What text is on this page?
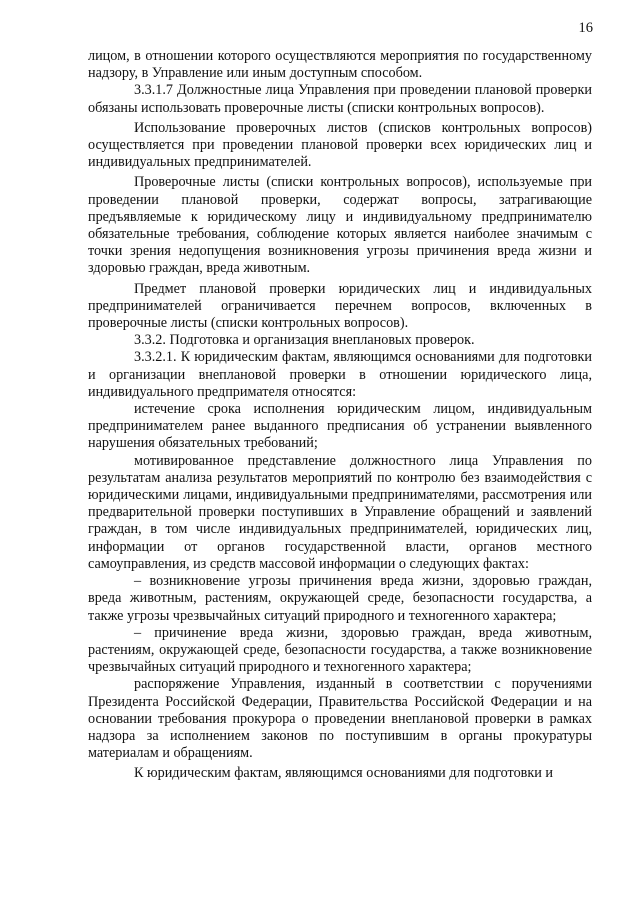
16

лицом, в отношении которого осуществляются мероприятия по государственному надзору, в Управление или иным доступным способом.

3.3.1.7 Должностные лица Управления при проведении плановой проверки обязаны использовать проверочные листы (списки контрольных вопросов).

Использование проверочных листов (списков контрольных вопросов) осуществляется при проведении плановой проверки всех юридических лиц и индивидуальных предпринимателей.

Проверочные листы (списки контрольных вопросов), используемые при проведении плановой проверки, содержат вопросы, затрагивающие предъявляемые к юридическому лицу и индивидуальному предпринимателю обязательные требования, соблюдение которых является наиболее значимым с точки зрения недопущения возникновения угрозы причинения вреда жизни и здоровью граждан, вреда животным.

Предмет плановой проверки юридических лиц и индивидуальных предпринимателей ограничивается перечнем вопросов, включенных в проверочные листы (списки контрольных вопросов).

3.3.2. Подготовка и организация внеплановых проверок.

3.3.2.1. К юридическим фактам, являющимся основаниями для подготовки и организации внеплановой проверки в отношении юридического лица, индивидуального предпримателя относятся:

истечение срока исполнения юридическим лицом, индивидуальным предпринимателем ранее выданного предписания об устранении выявленного нарушения обязательных требований;

мотивированное представление должностного лица Управления по результатам анализа результатов мероприятий по контролю без взаимодействия с юридическими лицами, индивидуальными предпринимателями, рассмотрения или предварительной проверки поступивших в Управление обращений и заявлений граждан, в том числе индивидуальных предпринимателей, юридических лиц, информации от органов государственной власти, органов местного самоуправления, из средств массовой информации о следующих фактах:

– возникновение угрозы причинения вреда жизни, здоровью граждан, вреда животным, растениям, окружающей среде, безопасности государства, а также угрозы чрезвычайных ситуаций природного и техногенного характера;

– причинение вреда жизни, здоровью граждан, вреда животным, растениям, окружающей среде, безопасности государства, а также возникновение чрезвычайных ситуаций природного и техногенного характера;

распоряжение Управления, изданный в соответствии с поручениями Президента Российской Федерации, Правительства Российской Федерации и на основании требования прокурора о проведении внеплановой проверки в рамках надзора за исполнением законов по поступившим в органы прокуратуры материалам и обращениям.

К юридическим фактам, являющимся основаниями для подготовки и
